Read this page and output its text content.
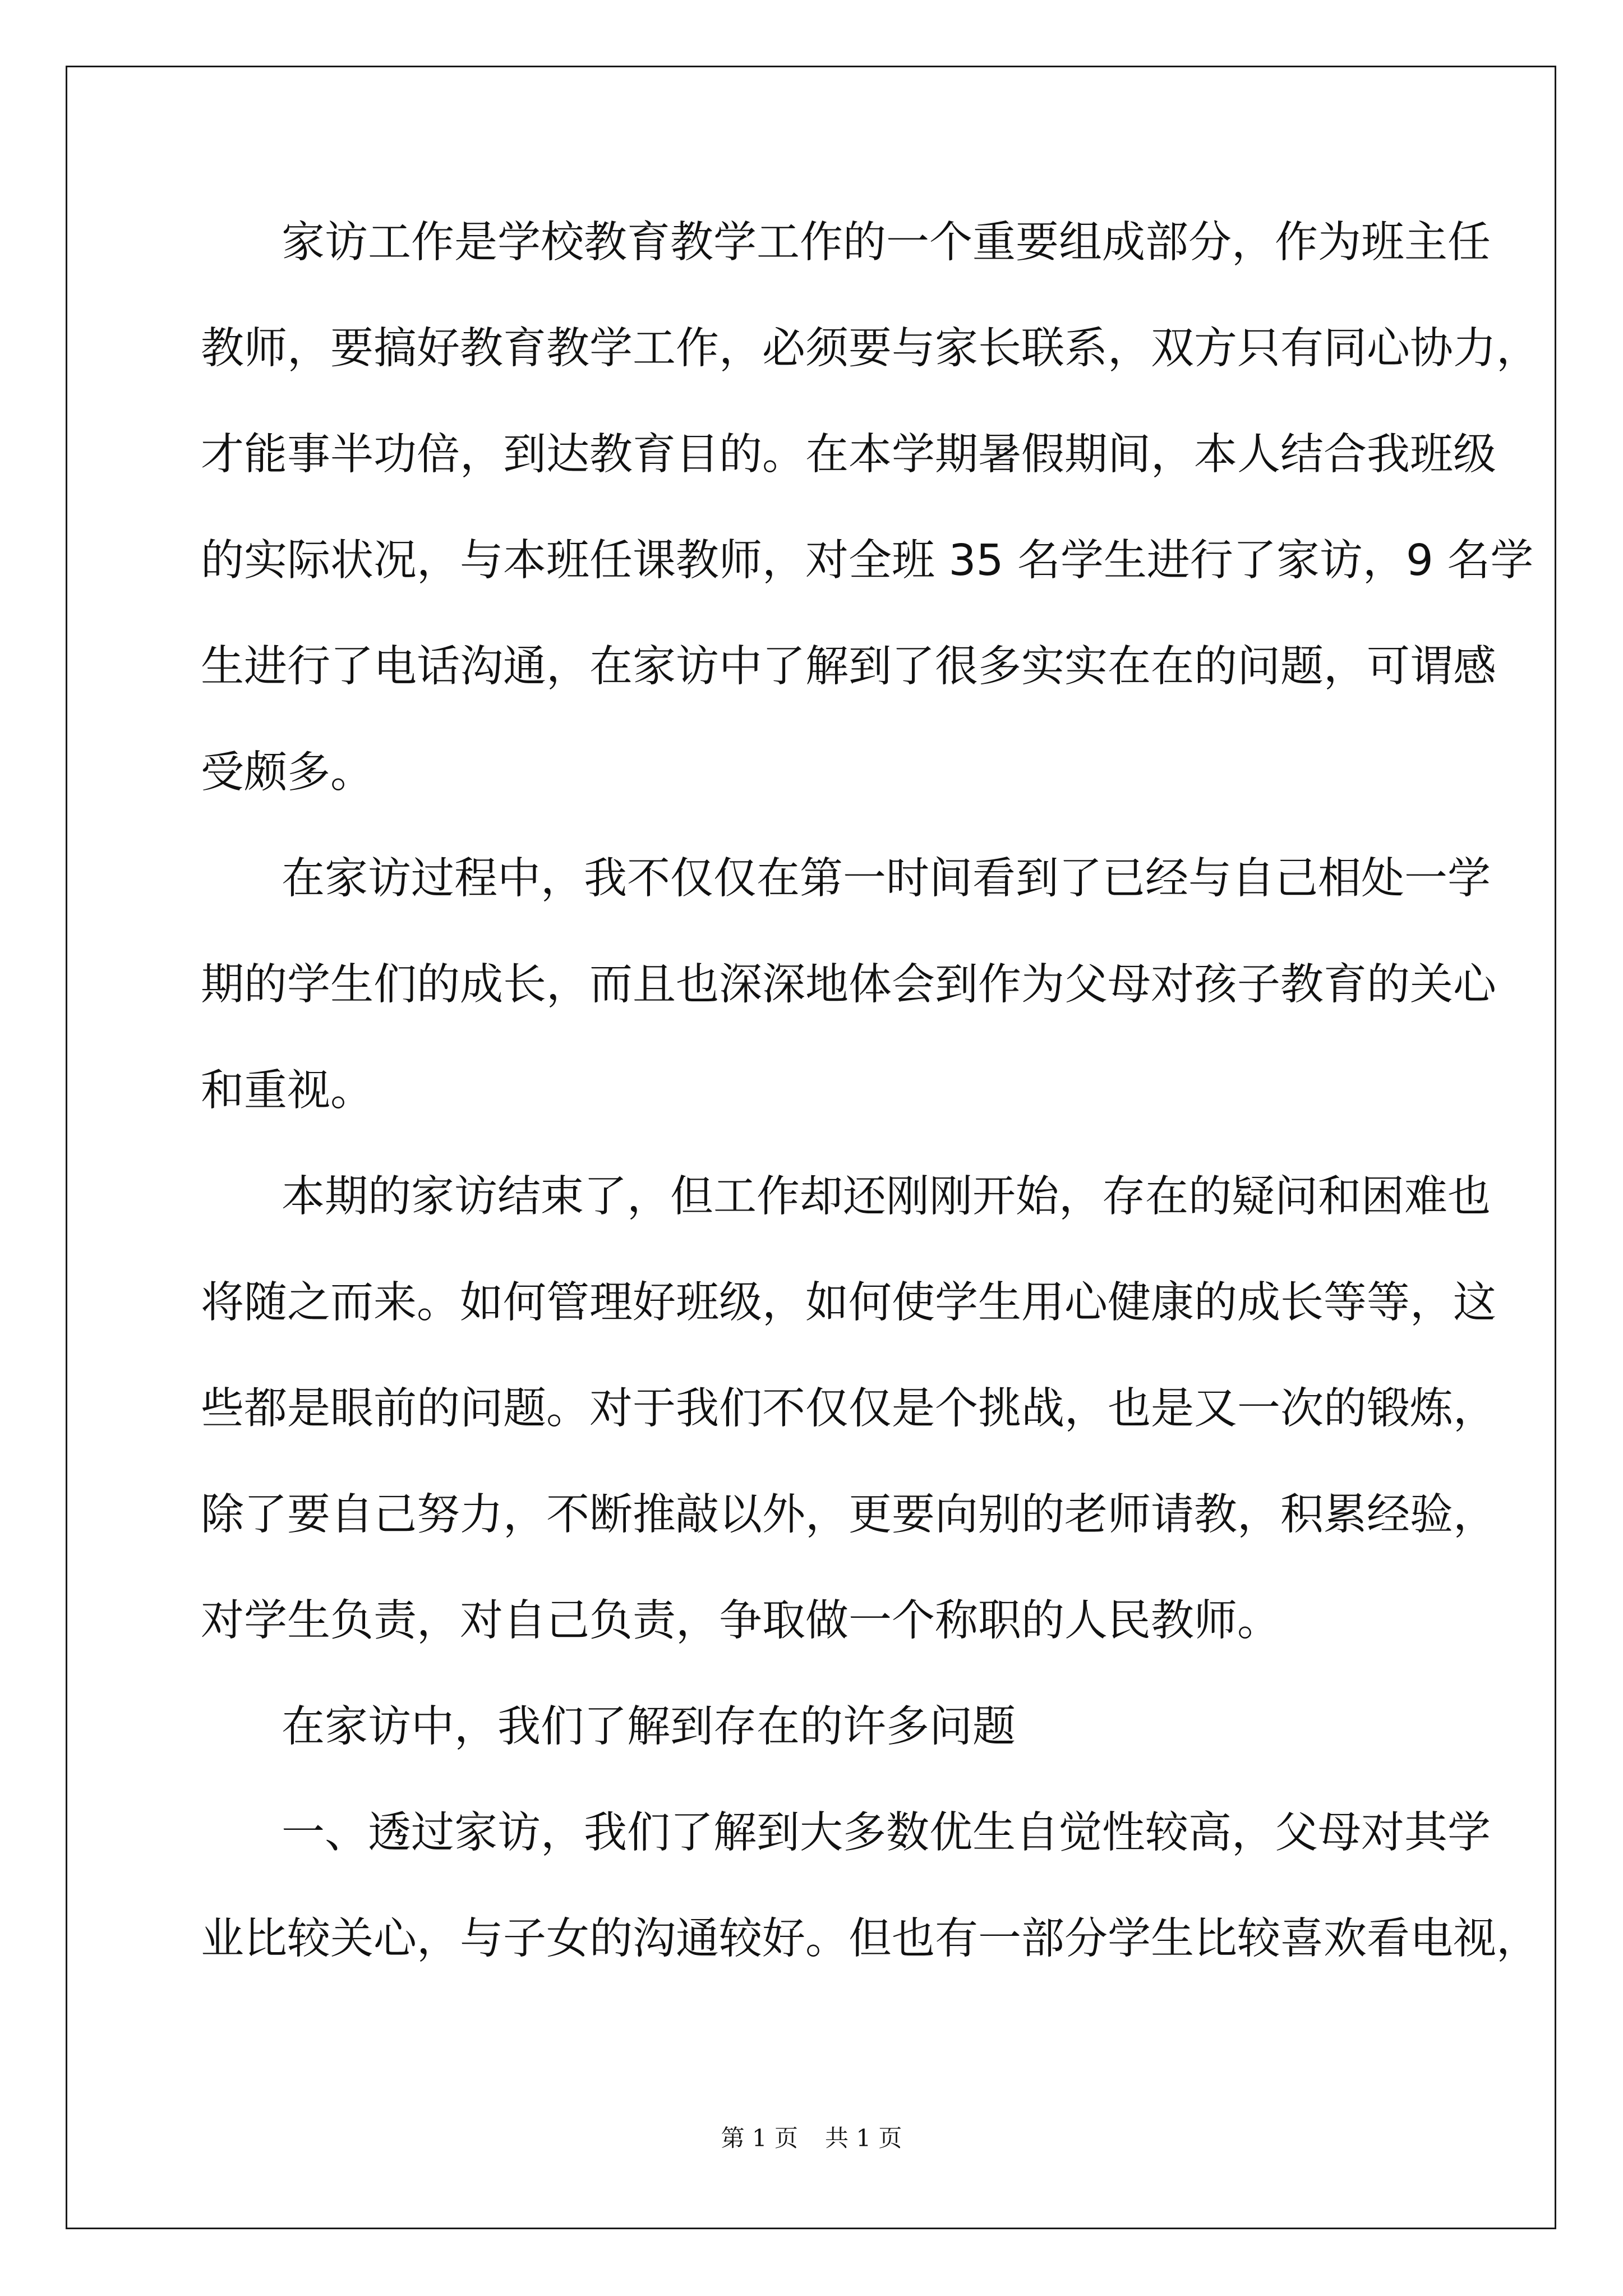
家访工作是学校教育教学工作的一个重要组成部分，作为班主任
教师，要搞好教育教学工作，必须要与家长联系，双方只有同心协力，
才能事半功倍，到达教育目的。在本学期暑假期间，本人结合我班级
的实际状况，与本班任课教师，对全班 35 名学生进行了家访，9 名学
生进行了电话沟通，在家访中了解到了很多实实在在的问题，可谓感
受颇多。
在家访过程中，我不仅仅在第一时间看到了已经与自己相处一学
期的学生们的成长，而且也深深地体会到作为父母对孩子教育的关心
和重视。
本期的家访结束了，但工作却还刚刚开始，存在的疑问和困难也
将随之而来。如何管理好班级，如何使学生用心健康的成长等等，这
些都是眼前的问题。对于我们不仅仅是个挑战，也是又一次的锻炼，
除了要自己努力，不断推敲以外，更要向别的老师请教，积累经验，
对学生负责，对自己负责，争取做一个称职的人民教师。
在家访中，我们了解到存在的许多问题
一、透过家访，我们了解到大多数优生自觉性较高，父母对其学
业比较关心，与子女的沟通较好。但也有一部分学生比较喜欢看电视，
第 1 页 共 1 页
